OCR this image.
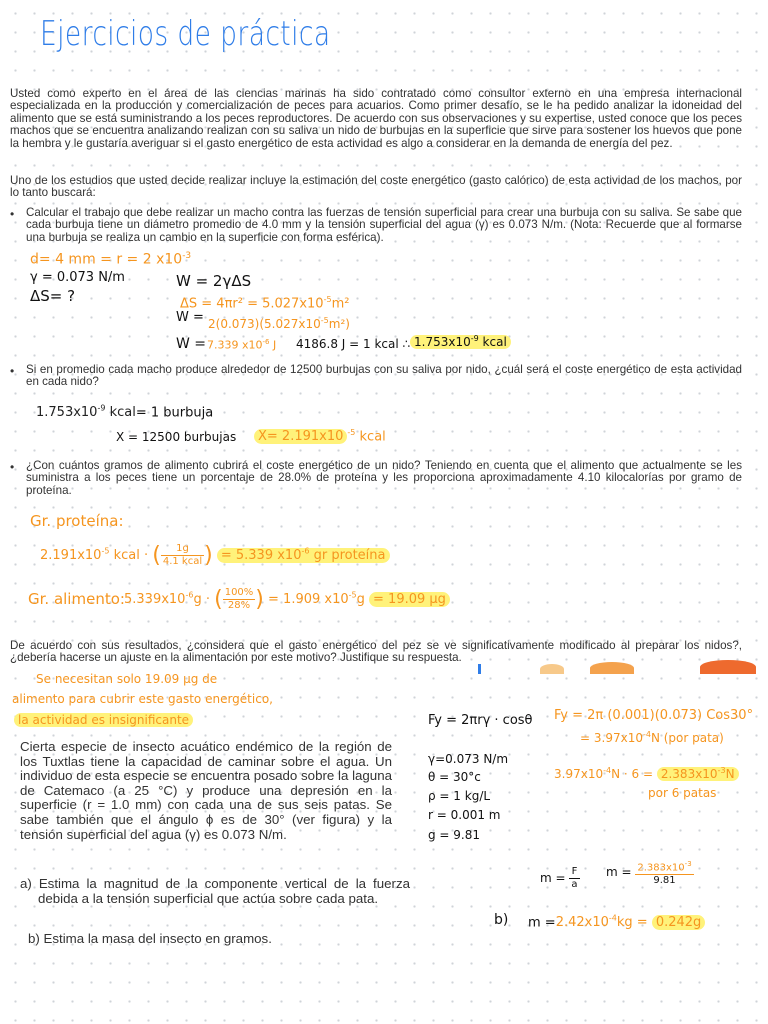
Ejercicios de práctica
Usted como experto en el área de las ciencias marinas ha sido contratado como consultor externo en una empresa internacional especializada en la producción y comercialización de peces para acuarios. Como primer desafío, se le ha pedido analizar la idoneidad del alimento que se está suministrando a los peces reproductores. De acuerdo con sus observaciones y su expertise, usted conoce que los peces machos que se encuentra analizando realizan con su saliva un nido de burbujas en la superficie que sirve para sostener los huevos que pone la hembra y le gustaría averiguar si el gasto energético de esta actividad es algo a considerar en la demanda de energía del pez.
Uno de los estudios que usted decide realizar incluye la estimación del coste energético (gasto calórico) de esta actividad de los machos, por lo tanto buscará:
• Calcular el trabajo que debe realizar un macho contra las fuerzas de tensión superficial para crear una burbuja con su saliva. Se sabe que cada burbuja tiene un diámetro promedio de 4.0 mm y la tensión superficial del agua (γ) es 0.073 N/m. (Nota: Recuerde que al formarse una burbuja se realiza un cambio en la superficie con forma esférica).
d= 4 mm = r = 2 $x10^{-3}$
γ = 0.073 N/m
ΔS= ?
W = 2γΔS
$\Delta S = 4\pi r^2 = 5.027x10^{-5}m^2$
$W = 2(0.073)(5.027x10^{-5}m^2)$
W = 7.339 $x10^{-6}$ J 4186.8 J = 1 kcal ∴ $1.753x10^{-9}$ kcal
• Si en promedio cada macho produce alrededor de 12500 burbujas con su saliva por nido, ¿cuál será el coste energético de esta actividad en cada nido?
$1.753x10^{-9}$ kcal= 1 burbuja
X = 12500 burbujas	X= 2.191x10 $^{-5}$ kcal
• ¿Con cuántos gramos de alimento cubrirá el coste energético de un nido? Teniendo en cuenta que el alimento que actualmente se les suministra a los peces tiene un porcentaje de 28.0% de proteína y les proporciona aproximadamente 4.10 kilocalorías por gramo de proteína.
Gr. proteína:
$2.191x10^{-5}$ kcal · ( $\frac{1g}{\text{4.1 kcal}}$ ) = 5.339 $x10^{-6}$ gr proteína
Gr. alimento: $5.339x10^{-6}g$ · ( $\frac{100\%}{28\%}$ ) = 1.909 $x10^{-5}g = 19.09$ μg
De acuerdo con sus resultados, ¿considera que el gasto energético del pez se ve significativamente modificado al preparar los nidos?, ¿debería hacerse un ajuste en la alimentación por este motivo? Justifique su respuesta.
Se necesitan solo 19.09 μg de
alimento para cubrir este gasto energético,
la actividad es insignificante
Cierta especie de insecto acuático endémico de la región de los Tuxtlas tiene la capacidad de caminar sobre el agua. Un individuo de esta especie se encuentra posado sobre la laguna de Catemaco (a 25 °C) y produce una depresión en la superficie (r = 1.0 mm) con cada una de sus seis patas. Se sabe también que el ángulo ϕ es de 30° (ver figura) y la tensión superficial del agua (γ) es 0.073 N/m.
a) Estima la magnitud de la componente vertical de la fuerza debida a la tensión superficial que actúa sobre cada pata.
b) Estima la masa del insecto en gramos.
Fy = 2πrγ · cosθ
γ=0.073 N/m
θ = 30°c
ρ = 1 kg/L
r = 0.001 m
g = 9.81
Fy = 2π (0.001)(0.073) Cos30°
= $3.97x10^{-4}N$ (por pata)
$3.97x10^{-4}N \cdot 6 = 2.383x10^{-3}N$
por 6 patas
$m = \frac{F}{a}$ $m = \frac{2.383x10^{-3}}{9.81}$
b) $m =2.42x10^{-4}kg = 0.242g$
